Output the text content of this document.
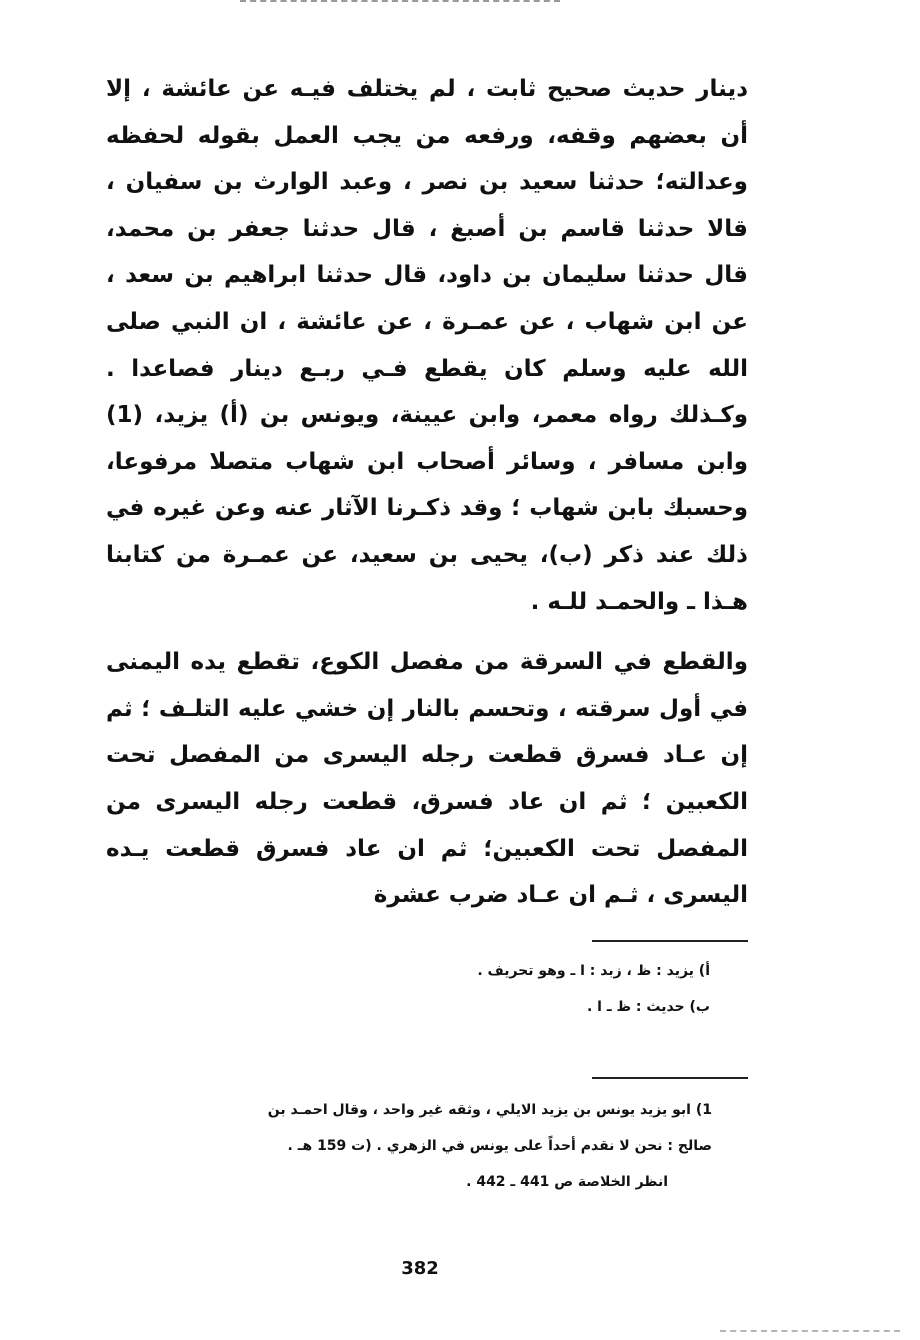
دينار حديث صحيح ثابت ، لم يختلف فيـه عن عائشة ، إلا أن بعضهم وقفه، ورفعه من يجب العمل بقوله لحفظه وعدالته؛ حدثنا سعيد بن نصر ، وعبد الوارث بن سفيان ، قالا حدثنا قاسم بن أصبغ ، قال حدثنا جعفر بن محمد، قال حدثنا سليمان بن داود، قال حدثنا ابراهيم بن سعد ، عن ابن شهاب ، عن عمـرة ، عن عائشة ، ان النبي صلى الله عليه وسلم كان يقطع فـي ربـع دينار فصاعدا . وكـذلك رواه معمر، وابن عيينة، ويونس بن (أ) يزيد، (1) وابن مسافر ، وسائر أصحاب ابن شهاب متصلا مرفوعا، وحسبك بابن شهاب ؛ وقد ذكـرنا الآثار عنه وعن غيره في ذلك عند ذكر (ب)، يحيى بن سعيد، عن عمـرة من كتابنا هـذا ـ والحمـد للـه .

والقطع في السرقة من مفصل الكوع، تقطع يده اليمنى في أول سرقته ، وتحسم بالنار إن خشي عليه التلـف ؛ ثم إن عـاد فسرق قطعت رجله اليسرى من المفصل تحت الكعبين ؛ ثم ان عاد فسرق، قطعت رجله اليسرى من المفصل تحت الكعبين؛ ثم ان عاد فسرق قطعت يـده اليسرى ، ثـم ان عـاد ضرب عشرة

أ) يزيد : ظ ، زبد : ا ـ وهو تحريف .

ب) حديث : ظ ـ ا .

1) ابو يزيد يونس بن يزيد الايلي ، وثقه غير واحد ، وقال احمـد بن

صالح : نحن لا نقدم أحداً على يونس في الزهري . (ت 159 هـ .

انظر الخلاصة ص 441 ـ 442 .

382
